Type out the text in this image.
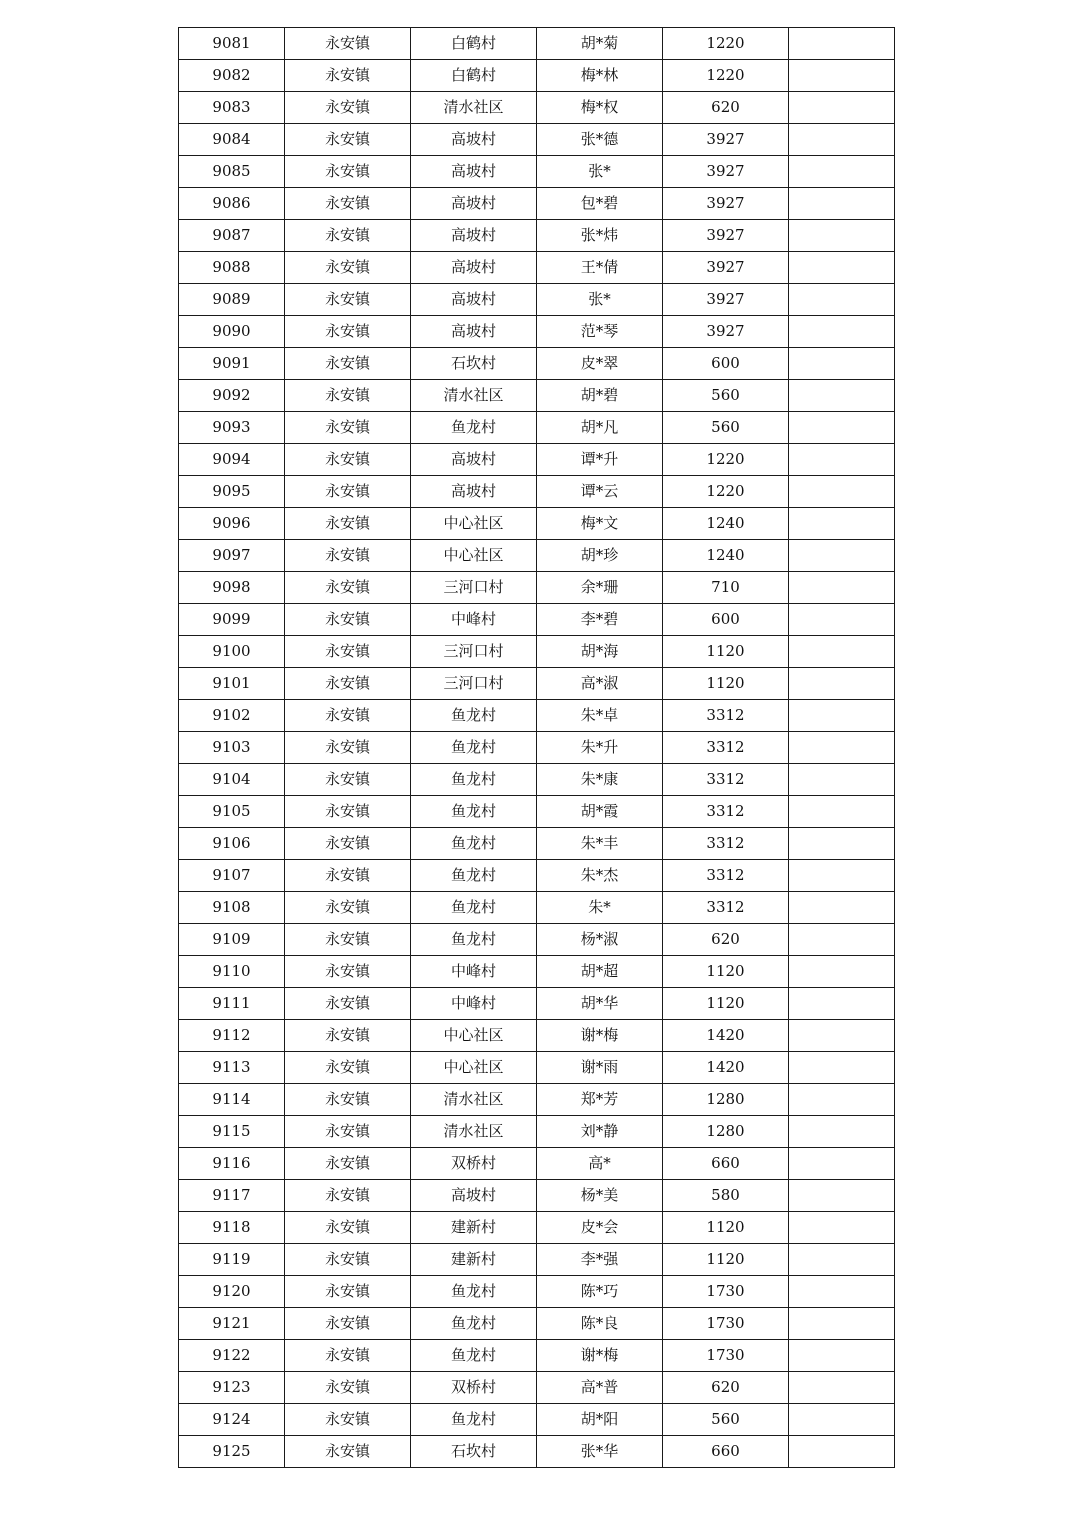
9081	永安镇	白鹤村	胡*菊	1220	
9082	永安镇	白鹤村	梅*林	1220	
9083	永安镇	清水社区	梅*权	620	
9084	永安镇	高坡村	张*德	3927	
9085	永安镇	高坡村	张*	3927	
9086	永安镇	高坡村	包*碧	3927	
9087	永安镇	高坡村	张*炜	3927	
9088	永安镇	高坡村	王*倩	3927	
9089	永安镇	高坡村	张*	3927	
9090	永安镇	高坡村	范*琴	3927	
9091	永安镇	石坎村	皮*翠	600	
9092	永安镇	清水社区	胡*碧	560	
9093	永安镇	鱼龙村	胡*凡	560	
9094	永安镇	高坡村	谭*升	1220	
9095	永安镇	高坡村	谭*云	1220	
9096	永安镇	中心社区	梅*文	1240	
9097	永安镇	中心社区	胡*珍	1240	
9098	永安镇	三河口村	余*珊	710	
9099	永安镇	中峰村	李*碧	600	
9100	永安镇	三河口村	胡*海	1120	
9101	永安镇	三河口村	高*淑	1120	
9102	永安镇	鱼龙村	朱*卓	3312	
9103	永安镇	鱼龙村	朱*升	3312	
9104	永安镇	鱼龙村	朱*康	3312	
9105	永安镇	鱼龙村	胡*霞	3312	
9106	永安镇	鱼龙村	朱*丰	3312	
9107	永安镇	鱼龙村	朱*杰	3312	
9108	永安镇	鱼龙村	朱*	3312	
9109	永安镇	鱼龙村	杨*淑	620	
9110	永安镇	中峰村	胡*超	1120	
9111	永安镇	中峰村	胡*华	1120	
9112	永安镇	中心社区	谢*梅	1420	
9113	永安镇	中心社区	谢*雨	1420	
9114	永安镇	清水社区	郑*芳	1280	
9115	永安镇	清水社区	刘*静	1280	
9116	永安镇	双桥村	高*	660	
9117	永安镇	高坡村	杨*美	580	
9118	永安镇	建新村	皮*会	1120	
9119	永安镇	建新村	李*强	1120	
9120	永安镇	鱼龙村	陈*巧	1730	
9121	永安镇	鱼龙村	陈*良	1730	
9122	永安镇	鱼龙村	谢*梅	1730	
9123	永安镇	双桥村	高*普	620	
9124	永安镇	鱼龙村	胡*阳	560	
9125	永安镇	石坎村	张*华	660	
